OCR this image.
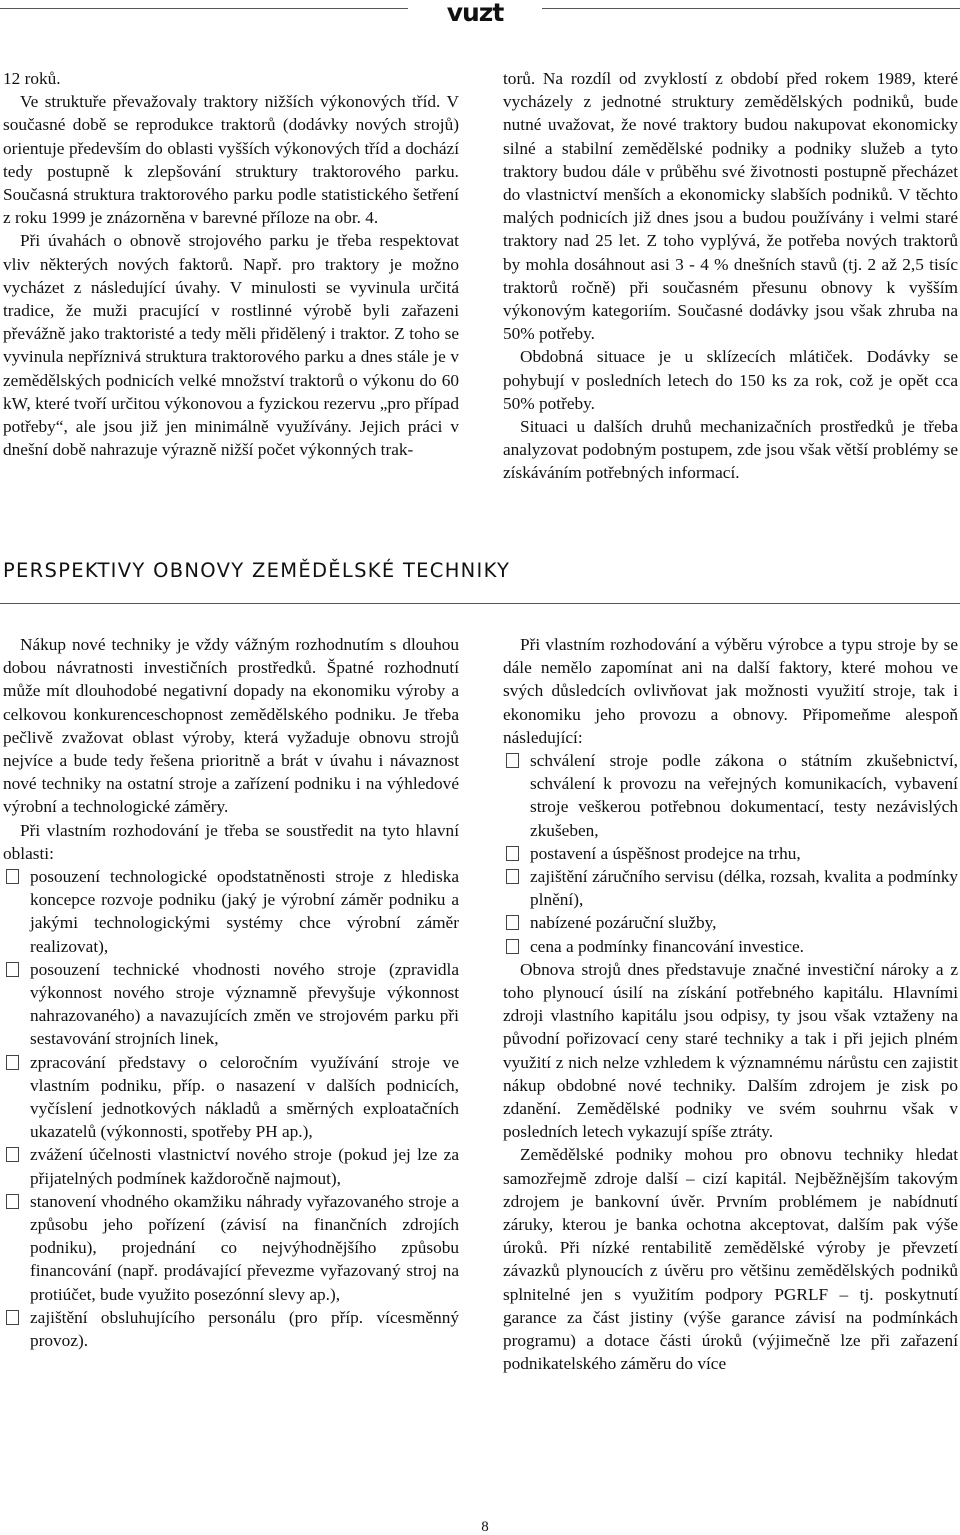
vuzt

12 roků.

Ve struktuře převažovaly traktory nižších výkonových tříd. V současné době se reprodukce traktorů (dodávky nových strojů) orientuje především do oblasti vyšších výkonových tříd a dochází tedy postupně k zlepšování struktury traktorového parku. Současná struktura traktorového parku podle statistického šetření z roku 1999 je znázorněna v barevné příloze na obr. 4.

Při úvahách o obnově strojového parku je třeba respektovat vliv některých nových faktorů. Např. pro traktory je možno vycházet z následující úvahy. V minulosti se vyvinula určitá tradice, že muži pracující v rostlinné výrobě byli zařazeni převážně jako traktoristé a tedy měli přidělený i traktor. Z toho se vyvinula nepříznivá struktura traktorového parku a dnes stále je v zemědělských podnicích velké množství traktorů o výkonu do 60 kW, které tvoří určitou výkonovou a fyzickou rezervu „pro případ potřeby“, ale jsou již jen minimálně využívány. Jejich práci v dnešní době nahrazuje výrazně nižší počet výkonných trak-

torů. Na rozdíl od zvyklostí z období před rokem 1989, které vycházely z jednotné struktury zemědělských podniků, bude nutné uvažovat, že nové traktory budou nakupovat ekonomicky silné a stabilní zemědělské podniky a podniky služeb a tyto traktory budou dále v průběhu své životnosti postupně přecházet do vlastnictví menších a ekonomicky slabších podniků. V těchto malých podnicích již dnes jsou a budou používány i velmi staré traktory nad 25 let. Z toho vyplývá, že potřeba nových traktorů by mohla dosáhnout asi 3 - 4 % dnešních stavů (tj. 2 až 2,5 tisíc traktorů ročně) při současném přesunu obnovy k vyšším výkonovým kategoriím. Současné dodávky jsou však zhruba na 50% potřeby.

Obdobná situace je u sklízecích mlátiček. Dodávky se pohybují v posledních letech do 150 ks za rok, což je opět cca 50% potřeby.

Situaci u dalších druhů mechanizačních prostředků je třeba analyzovat podobným postupem, zde jsou však větší problémy se získáváním potřebných informací.

PERSPEKTIVY OBNOVY ZEMĚDĚLSKÉ TECHNIKY

Nákup nové techniky je vždy vážným rozhodnutím s dlouhou dobou návratnosti investičních prostředků. Špatné rozhodnutí může mít dlouhodobé negativní dopady na ekonomiku výroby a celkovou konkurenceschopnost zemědělského podniku. Je třeba pečlivě zvažovat oblast výroby, která vyžaduje obnovu strojů nejvíce a bude tedy řešena prioritně a brát v úvahu i návaznost nové techniky na ostatní stroje a zařízení podniku i na výhledové výrobní a technologické záměry.

Při vlastním rozhodování je třeba se soustředit na tyto hlavní oblasti:

posouzení technologické opodstatněnosti stroje z hlediska koncepce rozvoje podniku (jaký je výrobní záměr podniku a jakými technologickými systémy chce výrobní záměr realizovat),
posouzení technické vhodnosti nového stroje (zpravidla výkonnost nového stroje významně převyšuje výkonnost nahrazovaného) a navazujících změn ve strojovém parku při sestavování strojních linek,
zpracování představy o celoročním využívání stroje ve vlastním podniku, příp. o nasazení v dalších podnicích, vyčíslení jednotkových nákladů a směrných exploatačních ukazatelů (výkonnosti, spotřeby PH ap.),
zvážení účelnosti vlastnictví nového stroje (pokud jej lze za přijatelných podmínek každoročně najmout),
stanovení vhodného okamžiku náhrady vyřazovaného stroje a způsobu jeho pořízení (závisí na finančních zdrojích podniku), projednání co nejvýhodnějšího způsobu financování (např. prodávající převezme vyřazovaný stroj na protiúčet, bude využito posezónní slevy ap.),
zajištění obsluhujícího personálu (pro příp. vícesměnný provoz).

Při vlastním rozhodování a výběru výrobce a typu stroje by se dále nemělo zapomínat ani na další faktory, které mohou ve svých důsledcích ovlivňovat jak možnosti využití stroje, tak i ekonomiku jeho provozu a obnovy. Připomeňme alespoň následující:

schválení stroje podle zákona o státním zkušebnictví, schválení k provozu na veřejných komunikacích, vybavení stroje veškerou potřebnou dokumentací, testy nezávislých zkušeben,
postavení a úspěšnost prodejce na trhu,
zajištění záručního servisu (délka, rozsah, kvalita a podmínky plnění),
nabízené pozáruční služby,
cena a podmínky financování investice.

Obnova strojů dnes představuje značné investiční nároky a z toho plynoucí úsilí na získání potřebného kapitálu. Hlavními zdroji vlastního kapitálu jsou odpisy, ty jsou však vztaženy na původní pořizovací ceny staré techniky a tak i při jejich plném využití z nich nelze vzhledem k významnému nárůstu cen zajistit nákup obdobné nové techniky. Dalším zdrojem je zisk po zdanění. Zemědělské podniky ve svém souhrnu však v posledních letech vykazují spíše ztráty.

Zemědělské podniky mohou pro obnovu techniky hledat samozřejmě zdroje další – cizí kapitál. Nejběžnějším takovým zdrojem je bankovní úvěr. Prvním problémem je nabídnutí záruky, kterou je banka ochotna akceptovat, dalším pak výše úroků. Při nízké rentabilitě zemědělské výroby je převzetí závazků plynoucích z úvěru pro většinu zemědělských podniků splnitelné jen s využitím podpory PGRLF – tj. poskytnutí garance za část jistiny (výše garance závisí na podmínkách programu) a dotace části úroků (výjimečně lze při zařazení podnikatelského záměru do více

8
